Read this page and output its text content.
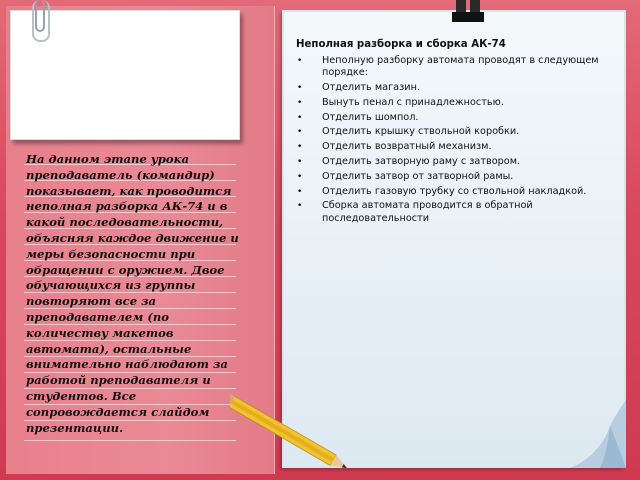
На данном этапе урока преподаватель (командир) показывает, как проводится неполная разборка АК-74 и в какой последовательности, объясняя каждое движение и меры безопасности при обращении с оружием. Двое обучающихся из группы повторяют все за преподавателем (по количеству макетов автомата), остальные внимательно наблюдают за работой преподавателя и студентов. Все сопровождается слайдом презентации.
Неполная разборка и сборка АК-74
• Неполную разборку автомата проводят в следующем порядке:
• Отделить магазин.
• Вынуть пенал с принадлежностью.
• Отделить шомпол.
• Отделить крышку ствольной коробки.
• Отделить возвратный механизм.
• Отделить затворную раму с затвором.
• Отделить затвор от затворной рамы.
• Отделить газовую трубку со ствольной накладкой.
• Сборка автомата проводится в обратной последовательности
